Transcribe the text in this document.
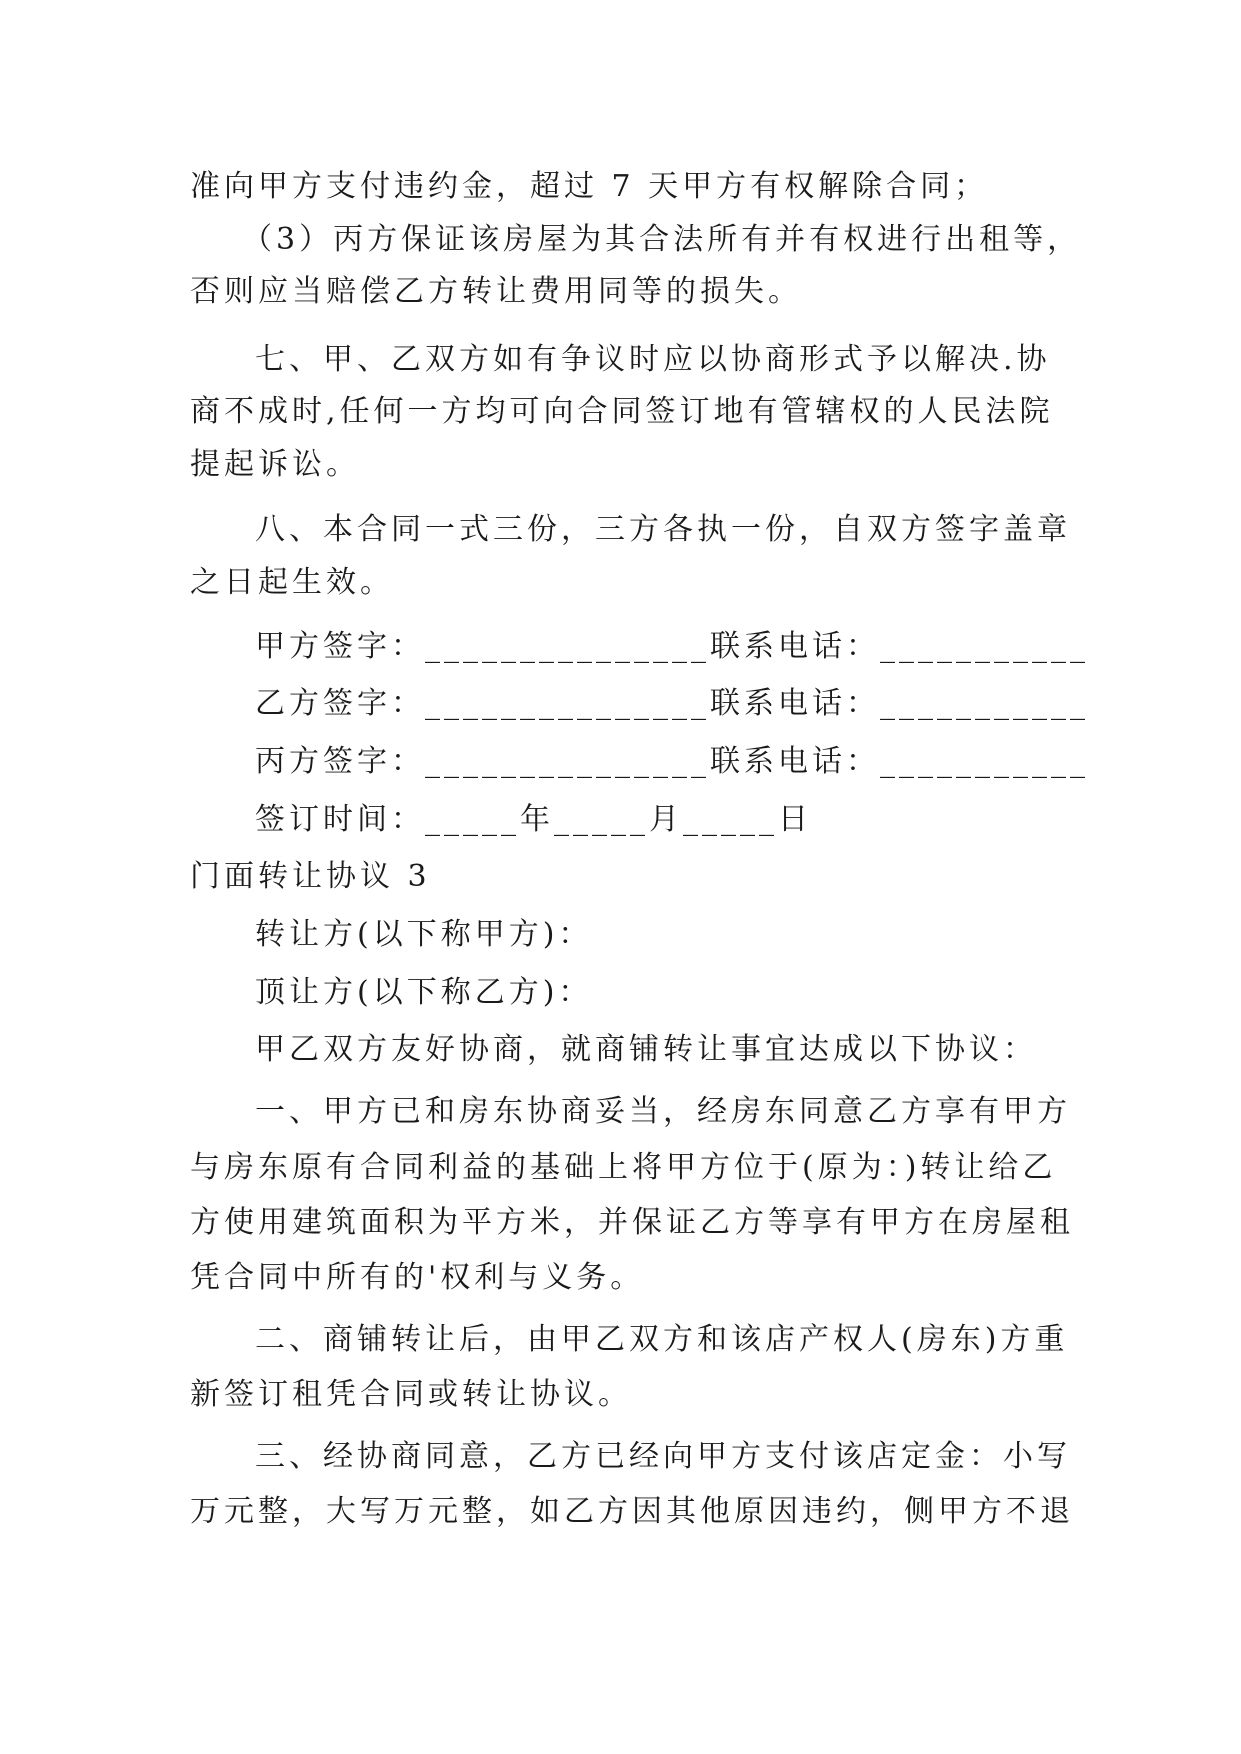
准向甲方支付违约金，超过 7 天甲方有权解除合同；
（3）丙方保证该房屋为其合法所有并有权进行出租等，
否则应当赔偿乙方转让费用同等的损失。
七、甲、乙双方如有争议时应以协商形式予以解决.协
商不成时,任何一方均可向合同签订地有管辖权的人民法院
提起诉讼。
八、本合同一式三份，三方各执一份，自双方签字盖章
之日起生效。
甲方签字：_______________联系电话：___________
乙方签字：_______________联系电话：___________
丙方签字：_______________联系电话：___________
签订时间：_____年_____月_____日
门面转让协议 3
转让方(以下称甲方)：
顶让方(以下称乙方)：
甲乙双方友好协商，就商铺转让事宜达成以下协议：
一、甲方已和房东协商妥当，经房东同意乙方享有甲方
与房东原有合同利益的基础上将甲方位于(原为：)转让给乙
方使用建筑面积为平方米，并保证乙方等享有甲方在房屋租
凭合同中所有的'权利与义务。
二、商铺转让后，由甲乙双方和该店产权人(房东)方重
新签订租凭合同或转让协议。
三、经协商同意，乙方已经向甲方支付该店定金：小写
万元整，大写万元整，如乙方因其他原因违约，侧甲方不退
